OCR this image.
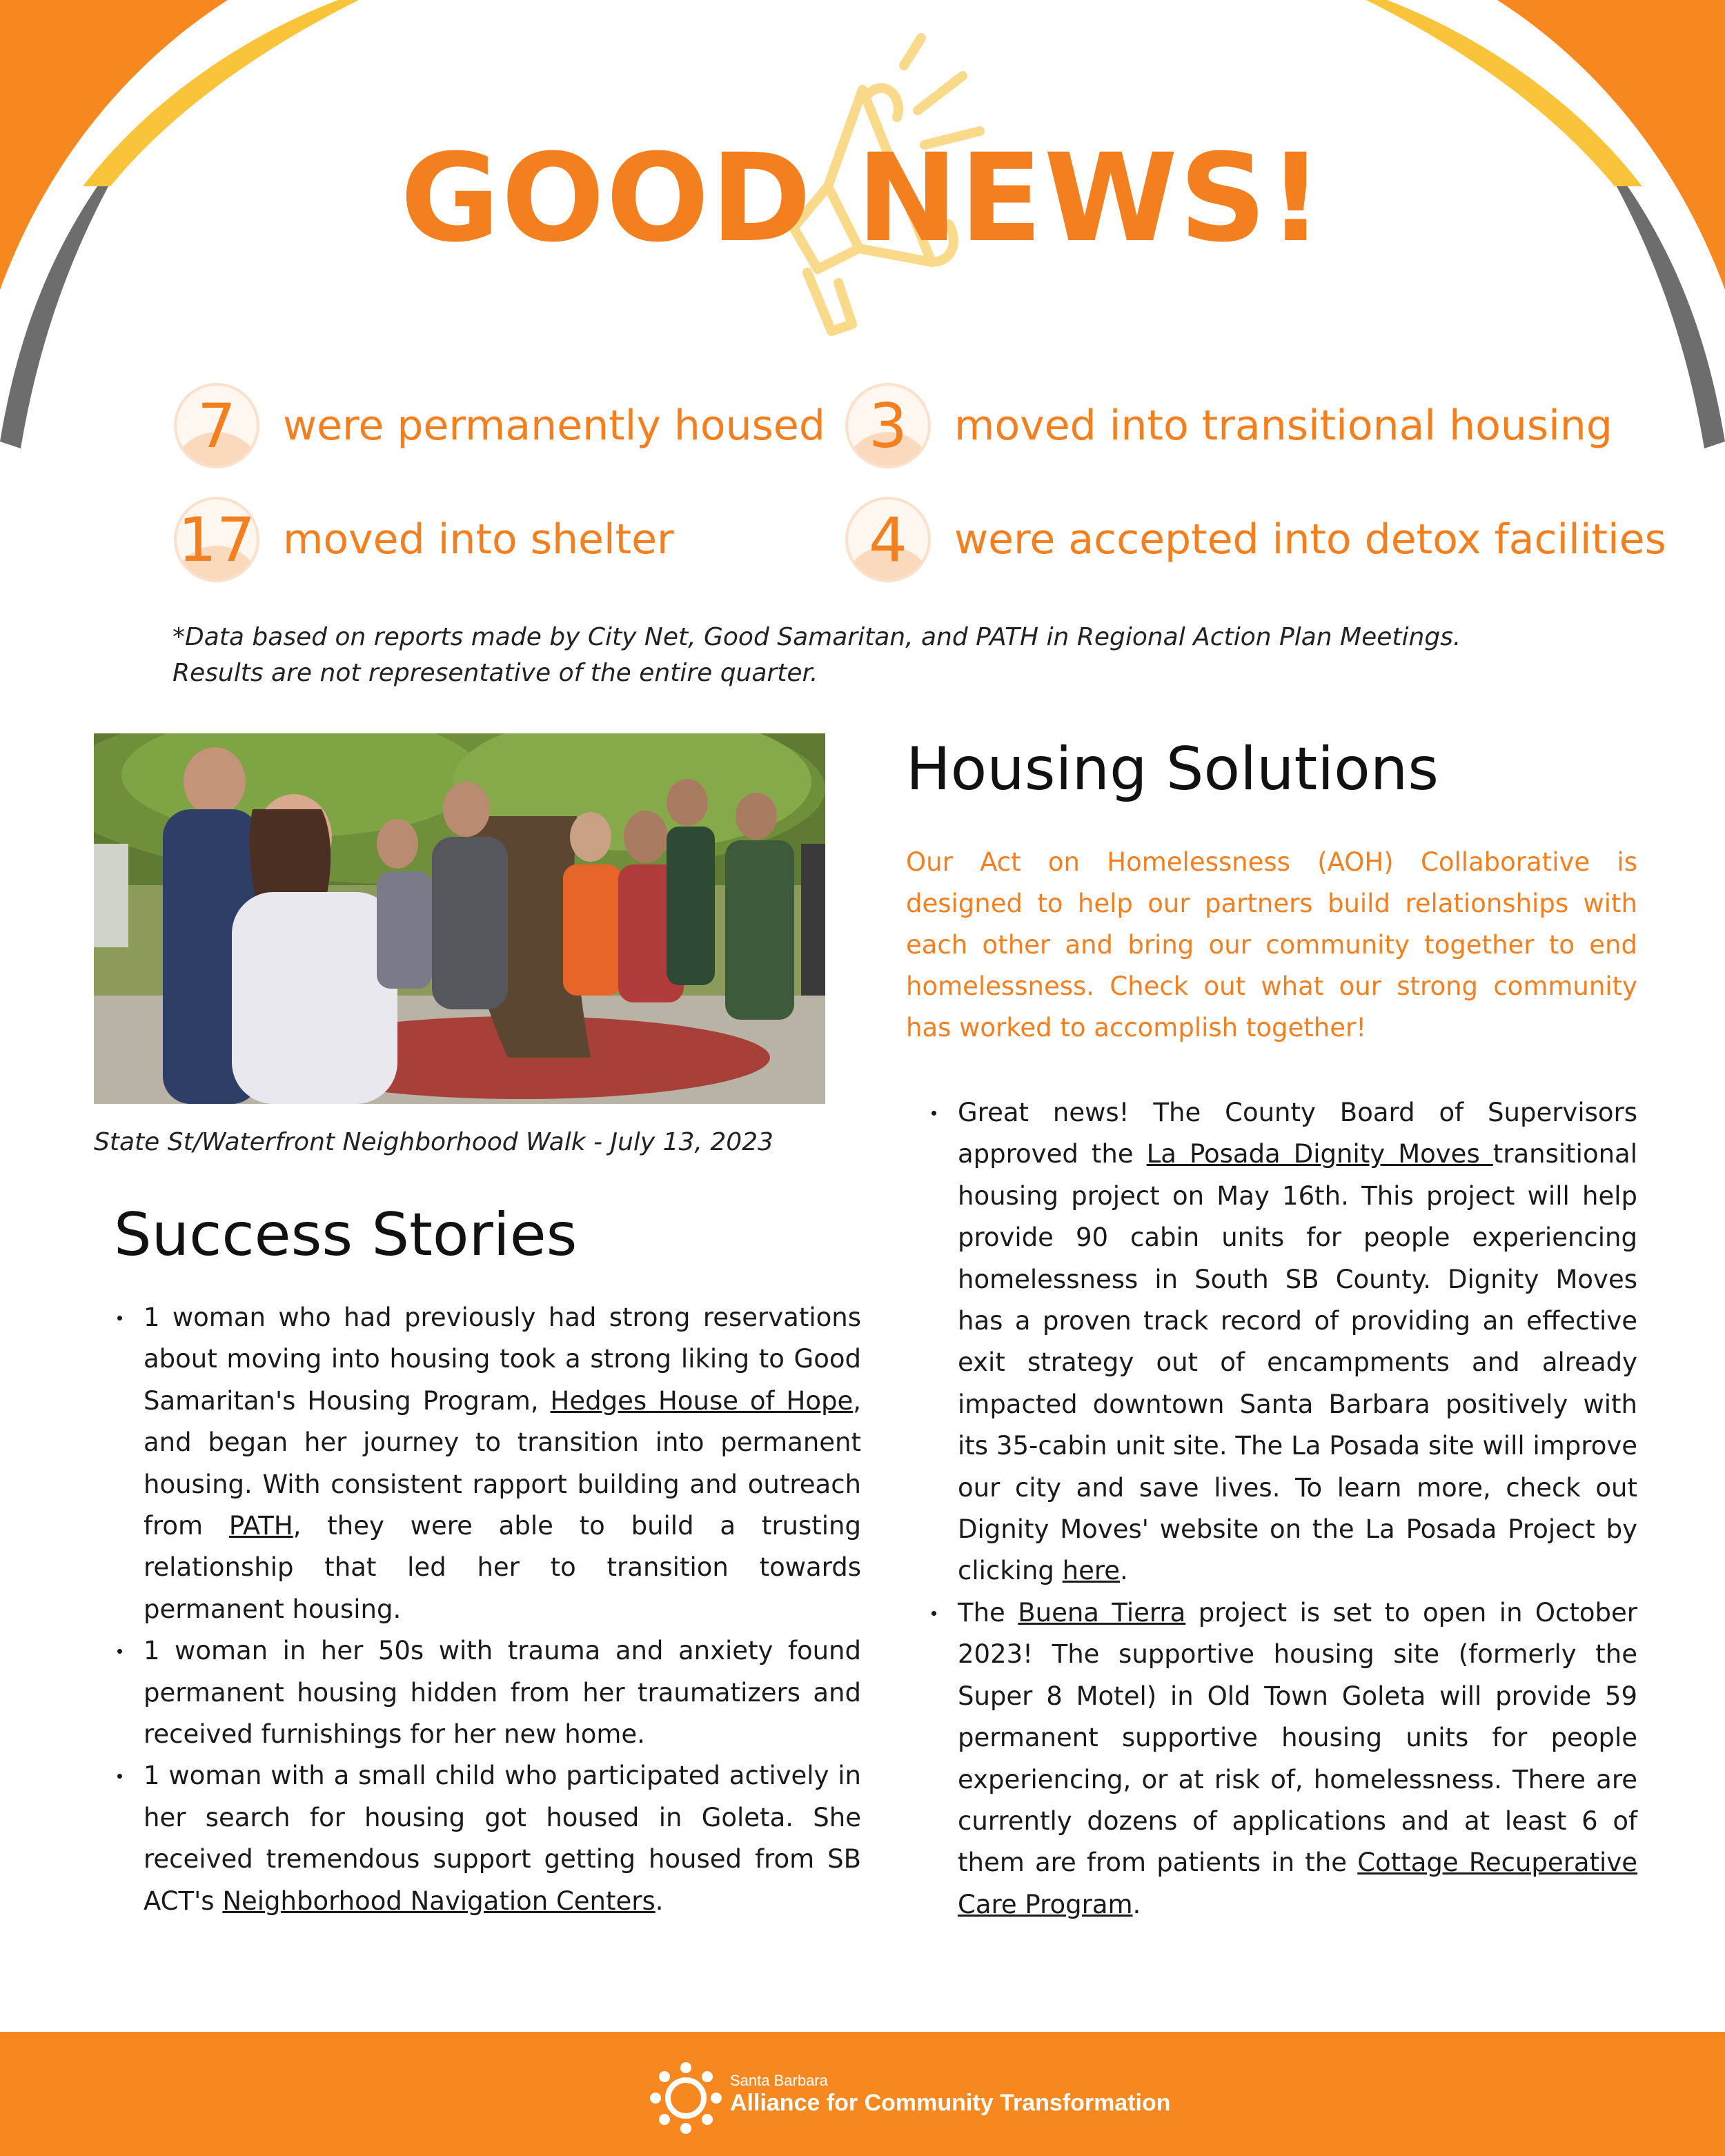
GOOD NEWS!
7	were permanently housed 3	moved into transitional housing
17 moved into shelter	4	were accepted into detox facilities
*Data based on reports made by City Net, Good Samaritan, and PATH in Regional Action Plan Meetings.
Results are not representative of the entire quarter.
State St/Waterfront Neighborhood Walk - July 13, 2023
Success Stories
1 woman who had previously had strong reservations about moving into housing took a strong liking to Good Samaritan's Housing Program, Hedges House of Hope, and began her journey to transition into permanent housing. With consistent rapport building and outreach from PATH, they were able to build a trusting relationship that led her to transition towards permanent housing.
1 woman in her 50s with trauma and anxiety found permanent housing hidden from her traumatizers and received furnishings for her new home.
1 woman with a small child who participated actively in her search for housing got housed in Goleta. She received tremendous support getting housed from SB ACT's Neighborhood Navigation Centers.
Housing Solutions
Our Act on Homelessness (AOH) Collaborative is designed to help our partners build relationships with each other and bring our community together to end homelessness. Check out what our strong community has worked to accomplish together!
Great news! The County Board of Supervisors approved the La Posada Dignity Moves transitional housing project on May 16th. This project will help provide 90 cabin units for people experiencing homelessness in South SB County. Dignity Moves has a proven track record of providing an effective exit strategy out of encampments and already impacted downtown Santa Barbara positively with its 35-cabin unit site. The La Posada site will improve our city and save lives. To learn more, check out Dignity Moves' website on the La Posada Project by clicking here.
The Buena Tierra project is set to open in October 2023! The supportive housing site (formerly the Super 8 Motel) in Old Town Goleta will provide 59 permanent supportive housing units for people experiencing, or at risk of, homelessness. There are currently dozens of applications and at least 6 of them are from patients in the Cottage Recuperative Care Program.
Santa Barbara
Alliance for Community Transformation
